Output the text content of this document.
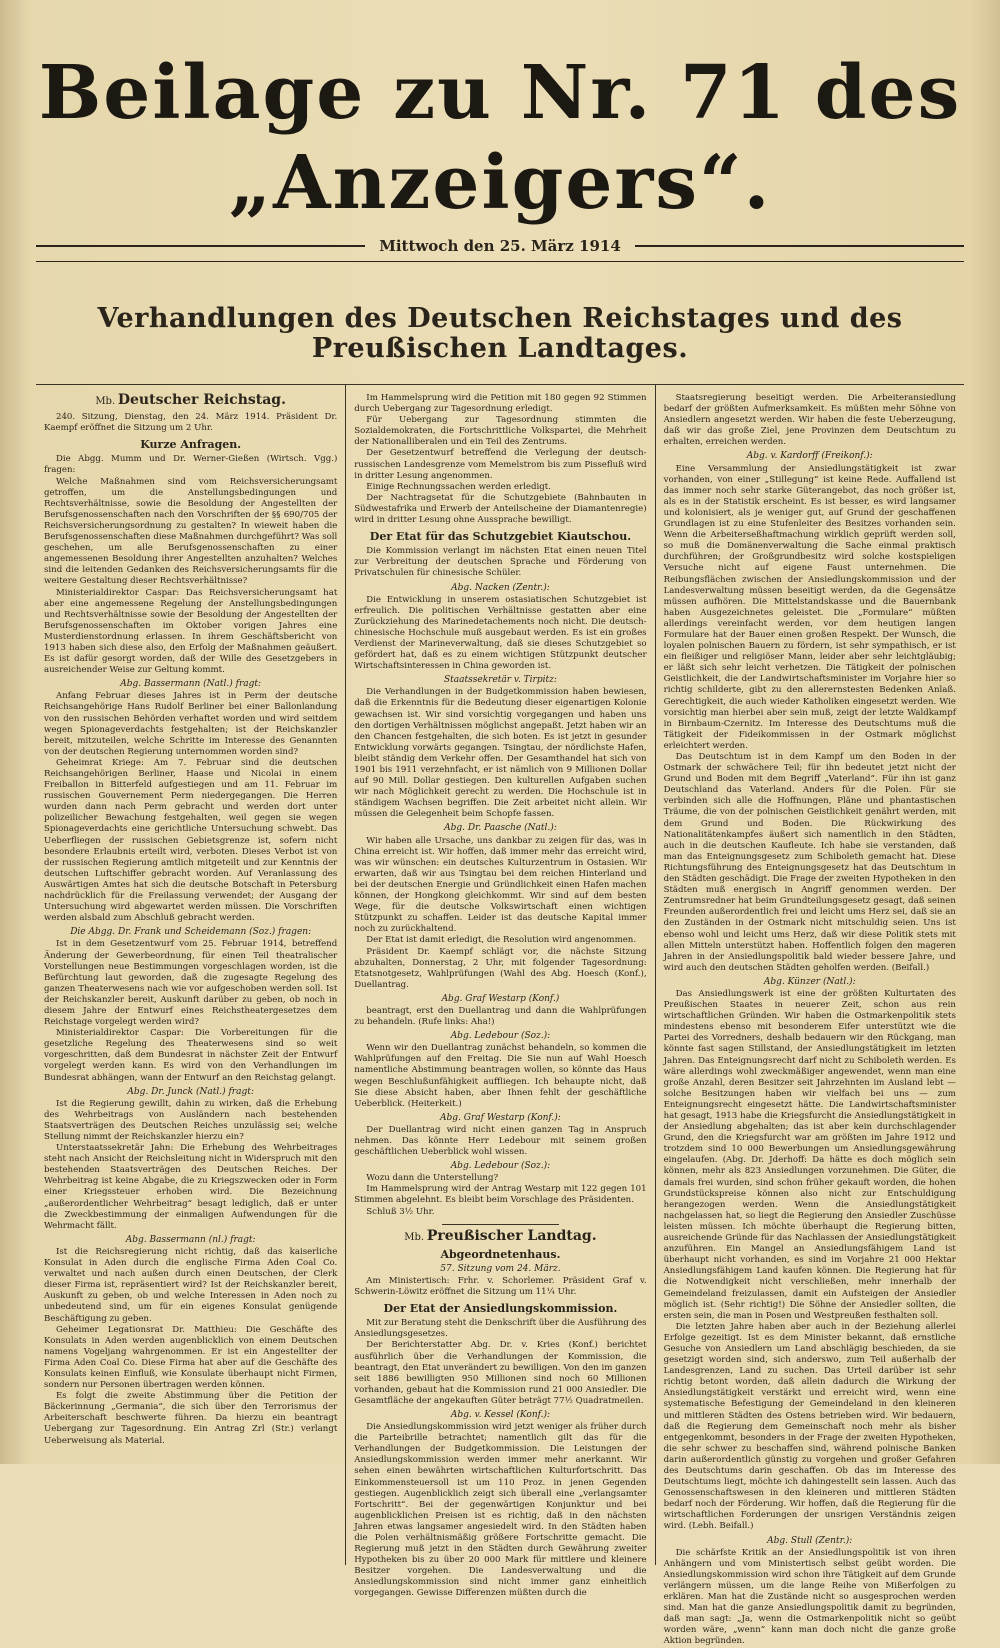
Beilage zu Nr. 71 des „Anzeigers“.
Mittwoch den 25. März 1914
Verhandlungen des Deutschen Reichstages und des Preußischen Landtages.
Mb. Deutscher Reichstag.

240. Sitzung, Dienstag, den 24. März 1914. Präsident Dr. Kaempf eröffnet die Sitzung um 2 Uhr.

Kurze Anfragen.

Die Abgg. Mumm und Dr. Werner-Gießen (Wirtsch. Vgg.) fragen:

Welche Maßnahmen sind vom Reichsversicherungsamt getroffen, um die Anstellungsbedingungen und Rechtsverhältnisse, sowie die Besoldung der Angestellten der Berufsgenossenschaften nach den Vorschriften der §§ 690/705 der Reichsversicherungsordnung zu gestalten? In wieweit haben die Berufsgenossenschaften diese Maßnahmen durchgeführt? Was soll geschehen, um alle Berufsgenossenschaften zu einer angemessenen Besoldung ihrer Angestellten anzuhalten? Welches sind die leitenden Gedanken des Reichsversicherungsamts für die weitere Gestaltung dieser Rechtsverhältnisse?

Ministerialdirektor Caspar: Das Reichsversicherungsamt hat aber eine angemessene Regelung der Anstellungsbedingungen und Rechtsverhältnisse sowie der Besoldung der Angestellten der Berufsgenossenschaften im Oktober vorigen Jahres eine Musterdienstordnung erlassen. In ihrem Geschäftsbericht von 1913 haben sich diese also, den Erfolg der Maßnahmen geäußert. Es ist dafür gesorgt worden, daß der Wille des Gesetzgebers in ausreichender Weise zur Geltung kommt.

Abg. Bassermann (Natl.) fragt:

Anfang Februar dieses Jahres ist in Perm der deutsche Reichsangehörige Hans Rudolf Berliner bei einer Ballonlandung von den russischen Behörden verhaftet worden und wird seitdem wegen Spionageverdachts festgehalten; ist der Reichskanzler bereit, mitzuteilen, welche Schritte im Interesse des Genannten von der deutschen Regierung unternommen worden sind?

Geheimrat Kriege: Am 7. Februar sind die deutschen Reichsangehörigen Berliner, Haase und Nicolai in einem Freiballon in Bitterfeld aufgestiegen und am 11. Februar im russischen Gouvernement Perm niedergegangen. Die Herren wurden dann nach Perm gebracht und werden dort unter polizeilicher Bewachung festgehalten, weil gegen sie wegen Spionageverdachts eine gerichtliche Untersuchung schwebt. Das Ueberfliegen der russischen Gebietsgrenze ist, sofern nicht besondere Erlaubnis erteilt wird, verboten. Dieses Verbot ist von der russischen Regierung amtlich mitgeteilt und zur Kenntnis der deutschen Luftschiffer gebracht worden. Auf Veranlassung des Auswärtigen Amtes hat sich die deutsche Botschaft in Petersburg nachdrücklich für die Freilassung verwendet; der Ausgang der Untersuchung wird abgewartet werden müssen. Die Vorschriften werden alsbald zum Abschluß gebracht werden.

Die Abgg. Dr. Frank und Scheidemann (Soz.) fragen:

Ist in dem Gesetzentwurf vom 25. Februar 1914, betreffend Änderung der Gewerbeordnung, für einen Teil theatralischer Vorstellungen neue Bestimmungen vorgeschlagen worden, ist die Befürchtung laut geworden, daß die zugesagte Regelung des ganzen Theaterwesens nach wie vor aufgeschoben werden soll. Ist der Reichskanzler bereit, Auskunft darüber zu geben, ob noch in diesem Jahre der Entwurf eines Reichstheatergesetzes dem Reichstage vorgelegt werden wird?

Ministerialdirektor Caspar: Die Vorbereitungen für die gesetzliche Regelung des Theaterwesens sind so weit vorgeschritten, daß dem Bundesrat in nächster Zeit der Entwurf vorgelegt werden kann. Es wird von den Verhandlungen im Bundesrat abhängen, wann der Entwurf an den Reichstag gelangt.

Abg. Dr. Junck (Natl.) fragt:

Ist die Regierung gewillt, dahin zu wirken, daß die Erhebung des Wehrbeitrags von Ausländern nach bestehenden Staatsverträgen des Deutschen Reiches unzulässig sei; welche Stellung nimmt der Reichskanzler hierzu ein?

Unterstaatssekretär Jahn: Die Erhebung des Wehrbeitrages steht nach Ansicht der Reichsleitung nicht in Widerspruch mit den bestehenden Staatsverträgen des Deutschen Reiches. Der Wehrbeitrag ist keine Abgabe, die zu Kriegszwecken oder in Form einer Kriegssteuer erhoben wird. Die Bezeichnung „außerordentlicher Wehrbeitrag“ besagt lediglich, daß er unter die Zweckbestimmung der einmaligen Aufwendungen für die Wehrmacht fällt.

Abg. Bassermann (nl.) fragt:

Ist die Reichsregierung nicht richtig, daß das kaiserliche Konsulat in Aden durch die englische Firma Aden Coal Co. verwaltet und nach außen durch einen Deutschen, der Clerk dieser Firma ist, repräsentiert wird? Ist der Reichskanzler bereit, Auskunft zu geben, ob und welche Interessen in Aden noch zu unbedeutend sind, um für ein eigenes Konsulat genügende Beschäftigung zu geben.

Geheimer Legationsrat Dr. Matthieu: Die Geschäfte des Konsulats in Aden werden augenblicklich von einem Deutschen namens Vogeljang wahrgenommen. Er ist ein Angestellter der Firma Aden Coal Co. Diese Firma hat aber auf die Geschäfte des Konsulats keinen Einfluß, wie Konsulate überhaupt nicht Firmen, sondern nur Personen übertragen werden können.

Es folgt die zweite Abstimmung über die Petition der Bäckerinnung „Germania“, die sich über den Terrorismus der Arbeiterschaft beschwerte führen. Da hierzu ein beantragt Uebergang zur Tagesordnung. Ein Antrag Zrl (Str.) verlangt Ueberweisung als Material.

Im Hammelsprung wird die Petition mit 180 gegen 92 Stimmen durch Uebergang zur Tagesordnung erledigt.

Für Uebergang zur Tagesordnung stimmten die Sozialdemokraten, die Fortschrittliche Volkspartei, die Mehrheit der Nationalliberalen und ein Teil des Zentrums.

Der Gesetzentwurf betreffend die Verlegung der deutsch-russischen Landesgrenze vom Memelstrom bis zum Pissefluß wird in dritter Lesung angenommen.

Einige Rechnungssachen werden erledigt.

Der Nachtragsetat für die Schutzgebiete (Bahnbauten in Südwestafrika und Erwerb der Anteilscheine der Diamantenregie) wird in dritter Lesung ohne Aussprache bewilligt.

Der Etat für das Schutzgebiet Kiautschou.

Die Kommission verlangt im nächsten Etat einen neuen Titel zur Verbreitung der deutschen Sprache und Förderung von Privatschulen für chinesische Schüler.

Abg. Nacken (Zentr.):

Die Entwicklung in unserem ostasiatischen Schutzgebiet ist erfreulich. Die politischen Verhältnisse gestatten aber eine Zurückziehung des Marinedetachements noch nicht. Die deutsch-chinesische Hochschule muß ausgebaut werden. Es ist ein großes Verdienst der Marineverwaltung, daß sie dieses Schutzgebiet so gefördert hat, daß es zu einem wichtigen Stützpunkt deutscher Wirtschaftsinteressen in China geworden ist.

Staatssekretär v. Tirpitz:

Die Verhandlungen in der Budgetkommission haben bewiesen, daß die Erkenntnis für die Bedeutung dieser eigenartigen Kolonie gewachsen ist. Wir sind vorsichtig vorgegangen und haben uns den dortigen Verhältnissen möglichst angepaßt. Jetzt haben wir an den Chancen festgehalten, die sich boten. Es ist jetzt in gesunder Entwicklung vorwärts gegangen. Tsingtau, der nördlichste Hafen, bleibt ständig dem Verkehr offen. Der Gesamthandel hat sich von 1901 bis 1911 verzehnfacht, er ist nämlich von 9 Millionen Dollar auf 90 Mill. Dollar gestiegen. Den kulturellen Aufgaben suchen wir nach Möglichkeit gerecht zu werden. Die Hochschule ist in ständigem Wachsen begriffen. Die Zeit arbeitet nicht allein. Wir müssen die Gelegenheit beim Schopfe fassen.

Abg. Dr. Paasche (Natl.):

Wir haben alle Ursache, uns dankbar zu zeigen für das, was in China erreicht ist. Wir hoffen, daß immer mehr das erreicht wird, was wir wünschen: ein deutsches Kulturzentrum in Ostasien. Wir erwarten, daß wir aus Tsingtau bei dem reichen Hinterland und bei der deutschen Energie und Gründlichkeit einen Hafen machen können, der Hongkong gleichkommt. Wir sind auf dem besten Wege, für die deutsche Volkswirtschaft einen wichtigen Stützpunkt zu schaffen. Leider ist das deutsche Kapital immer noch zu zurückhaltend.

Der Etat ist damit erledigt, die Resolution wird angenommen.

Präsident Dr. Kaempf schlägt vor, die nächste Sitzung abzuhalten, Donnerstag, 2 Uhr, mit folgender Tagesordnung: Etatsnotgesetz, Wahlprüfungen (Wahl des Abg. Hoesch (Konf.), Duellantrag.

Abg. Graf Westarp (Konf.)

beantragt, erst den Duellantrag und dann die Wahlprüfungen zu behandeln. (Rufe links: Aha!)

Abg. Ledebour (Soz.):

Wenn wir den Duellantrag zunächst behandeln, so kommen die Wahlprüfungen auf den Freitag. Die Sie nun auf Wahl Hoesch namentliche Abstimmung beantragen wollen, so könnte das Haus wegen Beschlußunfähigkeit auffliegen. Ich behaupte nicht, daß Sie diese Absicht haben, aber Ihnen fehlt der geschäftliche Ueberblick. (Heiterkeit.)

Abg. Graf Westarp (Konf.):

Der Duellantrag wird nicht einen ganzen Tag in Anspruch nehmen. Das könnte Herr Ledebour mit seinem großen geschäftlichen Ueberblick wohl wissen.

Abg. Ledebour (Soz.):

Wozu dann die Unterstellung?

Im Hammelsprung wird der Antrag Westarp mit 122 gegen 101 Stimmen abgelehnt. Es bleibt beim Vorschlage des Präsidenten.

Schluß 3½ Uhr.

Mb. Preußischer Landtag.
Abgeordnetenhaus.
57. Sitzung vom 24. März.

Am Ministertisch: Frhr. v. Schorlemer. Präsident Graf v. Schwerin-Löwitz eröffnet die Sitzung um 11¼ Uhr.

Der Etat der Ansiedlungskommission.

Mit zur Beratung steht die Denkschrift über die Ausführung des Ansiedlungsgesetzes.

Der Berichterstatter Abg. Dr. v. Kries (Konf.) berichtet ausführlich über die Verhandlungen der Kommission, die beantragt, den Etat unverändert zu bewilligen. Von den im ganzen seit 1886 bewilligten 950 Millionen sind noch 60 Millionen vorhanden, gebaut hat die Kommission rund 21 000 Ansiedler. Die Gesamtfläche der angekauften Güter beträgt 77½ Quadratmeilen.

Abg. v. Kessel (Konf.):

Die Ansiedlungskommission wird jetzt weniger als früher durch die Parteibrille betrachtet; namentlich gilt das für die Verhandlungen der Budgetkommission. Die Leistungen der Ansiedlungskommission werden immer mehr anerkannt. Wir sehen einen bewährten wirtschaftlichen Kulturfortschritt. Das Einkommensteuersoll ist um 110 Proz. in jenen Gegenden gestiegen. Augenblicklich zeigt sich überall eine „verlangsamter Fortschritt“. Bei der gegenwärtigen Konjunktur und bei augenblicklichen Preisen ist es richtig, daß in den nächsten Jahren etwas langsamer angesiedelt wird. In den Städten haben die Polen verhältnismäßig größere Fortschritte gemacht. Die Regierung muß jetzt in den Städten durch Gewährung zweiter Hypotheken bis zu über 20 000 Mark für mittlere und kleinere Besitzer vorgehen. Die Landesverwaltung und die Ansiedlungskommission sind nicht immer ganz einheitlich vorgegangen. Gewisse Differenzen müßten durch die

Staatsregierung beseitigt werden. Die Arbeiteransiedlung bedarf der größten Aufmerksamkeit. Es müßten mehr Söhne von Ansiedlern angesetzt werden. Wir haben die feste Ueberzeugung, daß wir das große Ziel, jene Provinzen dem Deutschtum zu erhalten, erreichen werden.

Abg. v. Kardorff (Freikonf.):

Eine Versammlung der Ansiedlungstätigkeit ist zwar vorhanden, von einer „Stillegung“ ist keine Rede. Auffallend ist das immer noch sehr starke Güterangebot, das noch größer ist, als es in der Statistik erscheint. Es ist besser, es wird langsamer und kolonisiert, als je weniger gut, auf Grund der geschaffenen Grundlagen ist zu eine Stufenleiter des Besitzes vorhanden sein. Wenn die Arbeiterseßhaftmachung wirklich geprüft werden soll, so muß die Domänenverwaltung die Sache einmal praktisch durchführen; der Großgrundbesitz wird solche kostspieligen Versuche nicht auf eigene Faust unternehmen. Die Reibungsflächen zwischen der Ansiedlungskommission und der Landesverwaltung müssen beseitigt werden, da die Gegensätze müssen aufhören. Die Mittelstandskasse und die Bauernbank haben Ausgezeichnetes geleistet. Die „Formulare“ müßten allerdings vereinfacht werden, vor dem heutigen langen Formulare hat der Bauer einen großen Respekt. Der Wunsch, die loyalen polnischen Bauern zu fördern, ist sehr sympathisch, er ist ein fleißiger und religiöser Mann, leider aber sehr leichtgläubig; er läßt sich sehr leicht verhetzen. Die Tätigkeit der polnischen Geistlichkeit, die der Landwirtschaftsminister im Vorjahre hier so richtig schilderte, gibt zu den allerernstesten Bedenken Anlaß. Gerechtigkeit, die auch wieder Katholiken eingesetzt werden. Wie vorsichtig man hierbei aber sein muß, zeigt der letzte Waldkampf in Birnbaum-Czernitz. Im Interesse des Deutschtums muß die Tätigkeit der Fideikommissen in der Ostmark möglichst erleichtert werden.

Das Deutschtum ist in dem Kampf um den Boden in der Ostmark der schwächere Teil; für ihn bedeutet jetzt nicht der Grund und Boden mit dem Begriff „Vaterland“. Für ihn ist ganz Deutschland das Vaterland. Anders für die Polen. Für sie verbinden sich alle die Hoffnungen, Pläne und phantastischen Träume, die von der polnischen Geistlichkeit genährt werden, mit dem Grund und Boden. Die Rückwirkung des Nationalitätenkampfes äußert sich namentlich in den Städten, auch in die deutschen Kaufleute. Ich habe sie verstanden, daß man das Enteignungsgesetz zum Schiboleth gemacht hat. Diese Richtungsführung des Enteignungsgesetz hat das Deutschtum in den Städten geschädigt. Die Frage der zweiten Hypotheken in den Städten muß energisch in Angriff genommen werden. Der Zentrumsredner hat beim Grundteilungsgesetz gesagt, daß seinen Freunden außerordentlich frei und leicht ums Herz sei, daß sie an den Zuständen in der Ostmark nicht mitschuldig seien. Uns ist ebenso wohl und leicht ums Herz, daß wir diese Politik stets mit allen Mitteln unterstützt haben. Hoffentlich folgen den mageren Jahren in der Ansiedlungspolitik bald wieder bessere Jahre, und wird auch den deutschen Städten geholfen werden. (Beifall.)

Abg. Künzer (Natl.):

Das Ansiedlungswerk ist eine der größten Kulturtaten des Preußischen Staates in neuerer Zeit, schon aus rein wirtschaftlichen Gründen. Wir haben die Ostmarkenpolitik stets mindestens ebenso mit besonderem Eifer unterstützt wie die Partei des Vorredners, deshalb bedauern wir den Rückgang, man könnte fast sagen Stillstand, der Ansiedlungstätigkeit im letzten Jahren. Das Enteignungsrecht darf nicht zu Schiboleth werden. Es wäre allerdings wohl zweckmäßiger angewendet, wenn man eine große Anzahl, deren Besitzer seit Jahrzehnten im Ausland lebt — solche Besitzungen haben wir vielfach bei uns — zum Enteignungsrecht eingesetzt hätte. Die Landwirtschaftsminister hat gesagt, 1913 habe die Kriegsfurcht die Ansiedlungstätigkeit in der Ansiedlung abgehalten; das ist aber kein durchschlagender Grund, den die Kriegsfurcht war am größten im Jahre 1912 und trotzdem sind 10 000 Bewerbungen um Ansiedlungsgewährung eingelaufen. (Abg. Dr. Jderhoff: Da hätte es doch möglich sein können, mehr als 823 Ansiedlungen vorzunehmen. Die Güter, die damals frei wurden, sind schon früher gekauft worden, die hohen Grundstückspreise können also nicht zur Entschuldigung herangezogen werden. Wenn die Ansiedlungstätigkeit nachgelassen hat, so liegt die Regierung den Ansiedler Zuschüsse leisten müssen. Ich möchte überhaupt die Regierung bitten, ausreichende Gründe für das Nachlassen der Ansiedlungstätigkeit anzuführen. Ein Mangel an Ansiedlungsfähigem Land ist überhaupt nicht vorhanden, es sind im Vorjahre 21 000 Hektar Ansiedlungsfähigem Land kaufen können. Die Regierung hat für die Notwendigkeit nicht verschließen, mehr innerhalb der Gemeindeland freizulassen, damit ein Aufsteigen der Ansiedler möglich ist. (Sehr richtig!) Die Söhne der Ansiedler sollten, die ersten sein, die man in Posen und Westpreußen festhalten soll.

Die letzten Jahre haben aber auch in der Beziehung allerlei Erfolge gezeitigt. Ist es dem Minister bekannt, daß ernstliche Gesuche von Ansiedlern um Land abschlägig beschieden, da sie gesetzigt worden sind, sich anderswo, zum Teil außerhalb der Landesgrenzen, Land zu suchen. Das Urteil darüber ist sehr richtig betont worden, daß allein dadurch die Wirkung der Ansiedlungstätigkeit verstärkt und erreicht wird, wenn eine systematische Befestigung der Gemeindeland in den kleineren und mittleren Städten des Ostens betrieben wird. Wir bedauern, daß die Regierung dem Gemeinschaft noch mehr als bisher entgegenkommt, besonders in der Frage der zweiten Hypotheken, die sehr schwer zu beschaffen sind, während polnische Banken darin außerordentlich günstig zu vorgehen und großer Gefahren des Deutschtums darin geschaffen. Ob das im Interesse des Deutschtums liegt, möchte ich dahingestellt sein lassen. Auch das Genossenschaftswesen in den kleineren und mittleren Städten bedarf noch der Förderung. Wir hoffen, daß die Regierung für die wirtschaftlichen Forderungen der unsrigen Verständnis zeigen wird. (Lebh. Beifall.)

Abg. Stull (Zentr.):

Die schärfste Kritik an der Ansiedlungspolitik ist von ihren Anhängern und vom Ministertisch selbst geübt worden. Die Ansiedlungskommission wird schon ihre Tätigkeit auf dem Grunde verlängern müssen, um die lange Reihe von Mißerfolgen zu erklären. Man hat die Zustände nicht so ausgesprochen werden sind. Man hat die ganze Ansiedlungspolitik damit zu begründen, daß man sagt: „Ja, wenn die Ostmarkenpolitik nicht so geübt worden wäre, „wenn“ kann man doch nicht die ganze große Aktion begründen.
